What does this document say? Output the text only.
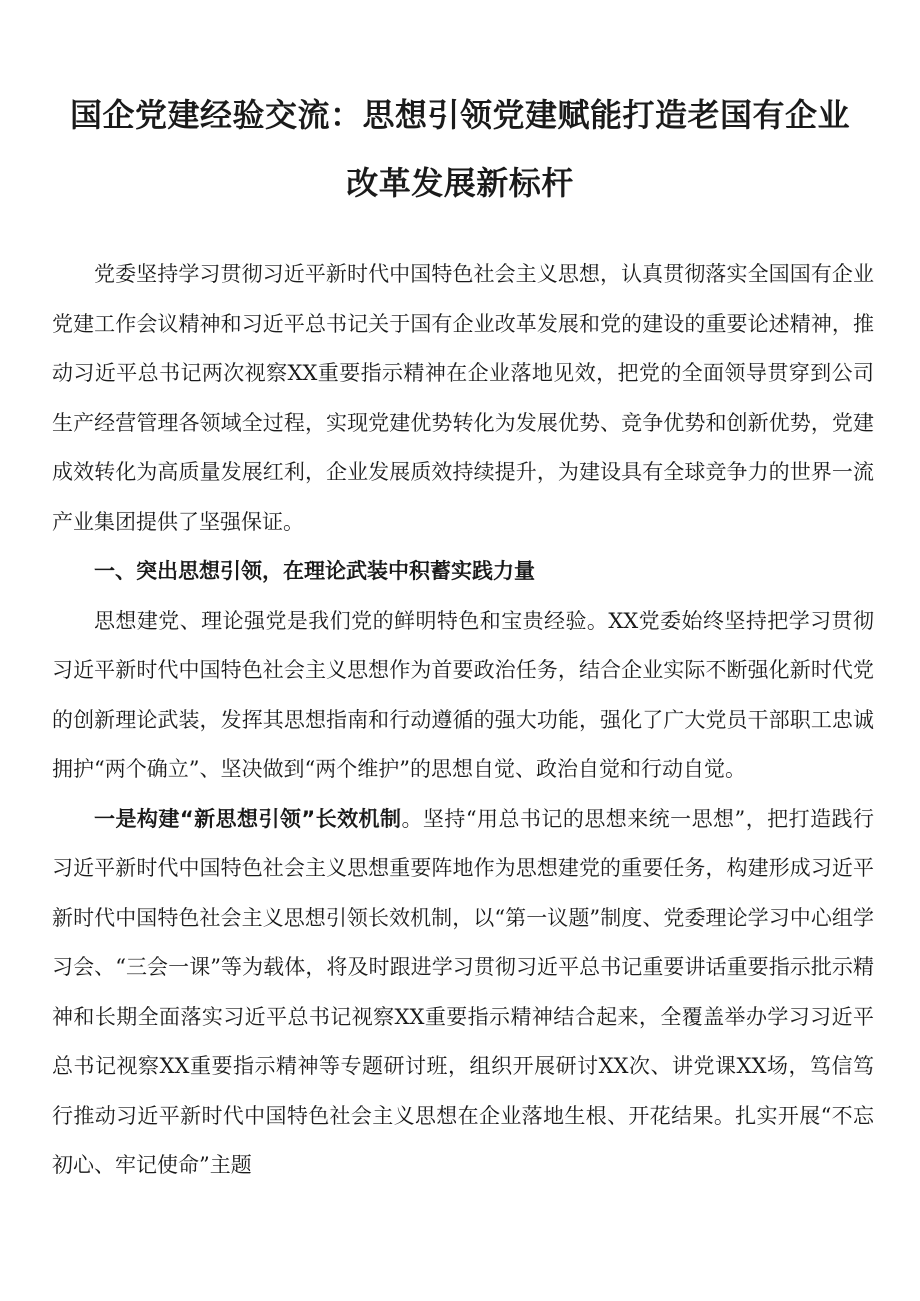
国企党建经验交流：思想引领党建赋能打造老国有企业
改革发展新标杆

党委坚持学习贯彻习近平新时代中国特色社会主义思想，认真贯彻落实全国国有企业党建工作会议精神和习近平总书记关于国有企业改革发展和党的建设的重要论述精神，推动习近平总书记两次视察XX重要指示精神在企业落地见效，把党的全面领导贯穿到公司生产经营管理各领域全过程，实现党建优势转化为发展优势、竞争优势和创新优势，党建成效转化为高质量发展红利，企业发展质效持续提升，为建设具有全球竞争力的世界一流产业集团提供了坚强保证。

一、突出思想引领，在理论武装中积蓄实践力量

思想建党、理论强党是我们党的鲜明特色和宝贵经验。XX党委始终坚持把学习贯彻习近平新时代中国特色社会主义思想作为首要政治任务，结合企业实际不断强化新时代党的创新理论武装，发挥其思想指南和行动遵循的强大功能，强化了广大党员干部职工忠诚拥护“两个确立”、坚决做到“两个维护”的思想自觉、政治自觉和行动自觉。

一是构建“新思想引领”长效机制。坚持“用总书记的思想来统一思想”，把打造践行习近平新时代中国特色社会主义思想重要阵地作为思想建党的重要任务，构建形成习近平新时代中国特色社会主义思想引领长效机制，以“第一议题”制度、党委理论学习中心组学习会、“三会一课”等为载体，将及时跟进学习贯彻习近平总书记重要讲话重要指示批示精神和长期全面落实习近平总书记视察XX重要指示精神结合起来，全覆盖举办学习习近平总书记视察XX重要指示精神等专题研讨班，组织开展研讨XX次、讲党课XX场，笃信笃行推动习近平新时代中国特色社会主义思想在企业落地生根、开花结果。扎实开展“不忘初心、牢记使命”主题
